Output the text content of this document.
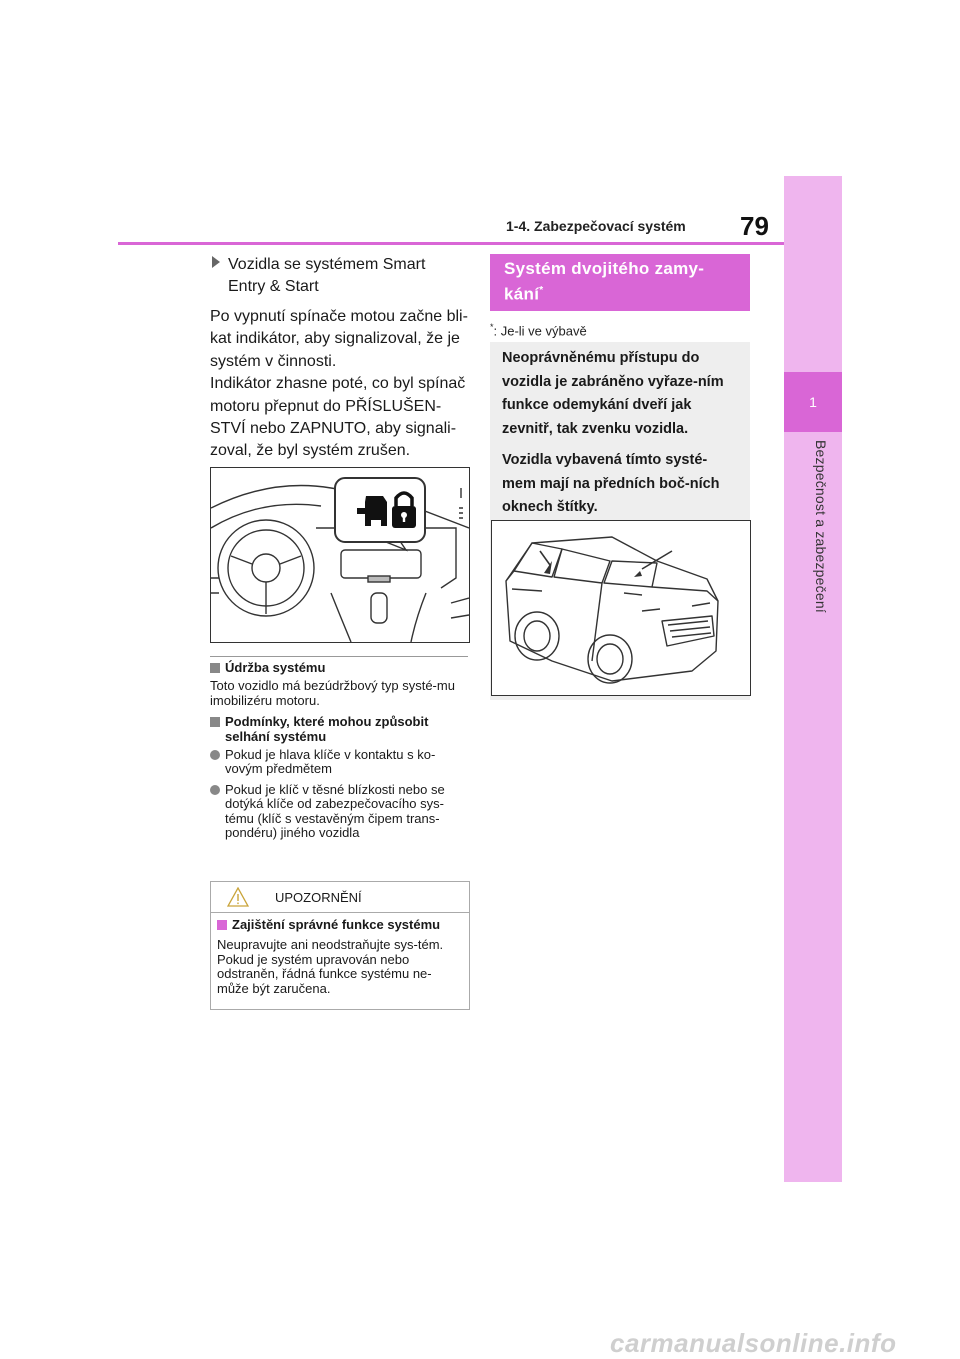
1
Bezpečnost a zabezpečení
1-4. Zabezpečovací systém 79
Vozidla se systémem Smart
Entry & Start

Po vypnutí spínače motou začne bli-kat indikátor, aby signalizoval, že je systém v činnosti.

Indikátor zhasne poté, co byl spínač motoru přepnut do PŘÍSLUŠEN-STVÍ nebo ZAPNUTO, aby signali-zoval, že byl systém zrušen.

Údržba systému
Toto vozidlo má bezúdržbový typ systé-mu imobilizéru motoru.
Podmínky, které mohou způsobit selhání systému
Pokud je hlava klíče v kontaktu s ko-vovým předmětem
Pokud je klíč v těsné blízkosti nebo se dotýká klíče od zabezpečovacího sys-tému (klíč s vestavěným čipem trans-pondéru) jiného vozidla
UPOZORNĚNÍ
Zajištění správné funkce systému
Neupravujte ani neodstraňujte sys-tém. Pokud je systém upravován nebo odstraněn, řádná funkce systému ne-může být zaručena.
Systém dvojitého zamy-
kání*
*: Je-li ve výbavě

Neoprávněnému přístupu do vozidla je zabráněno vyřaze-ním funkce odemykání dveří jak zevnitř, tak zvenku vozidla.

Vozidla vybavená tímto systé-mem mají na předních boč-ních oknech štítky.

carmanualsonline.info
